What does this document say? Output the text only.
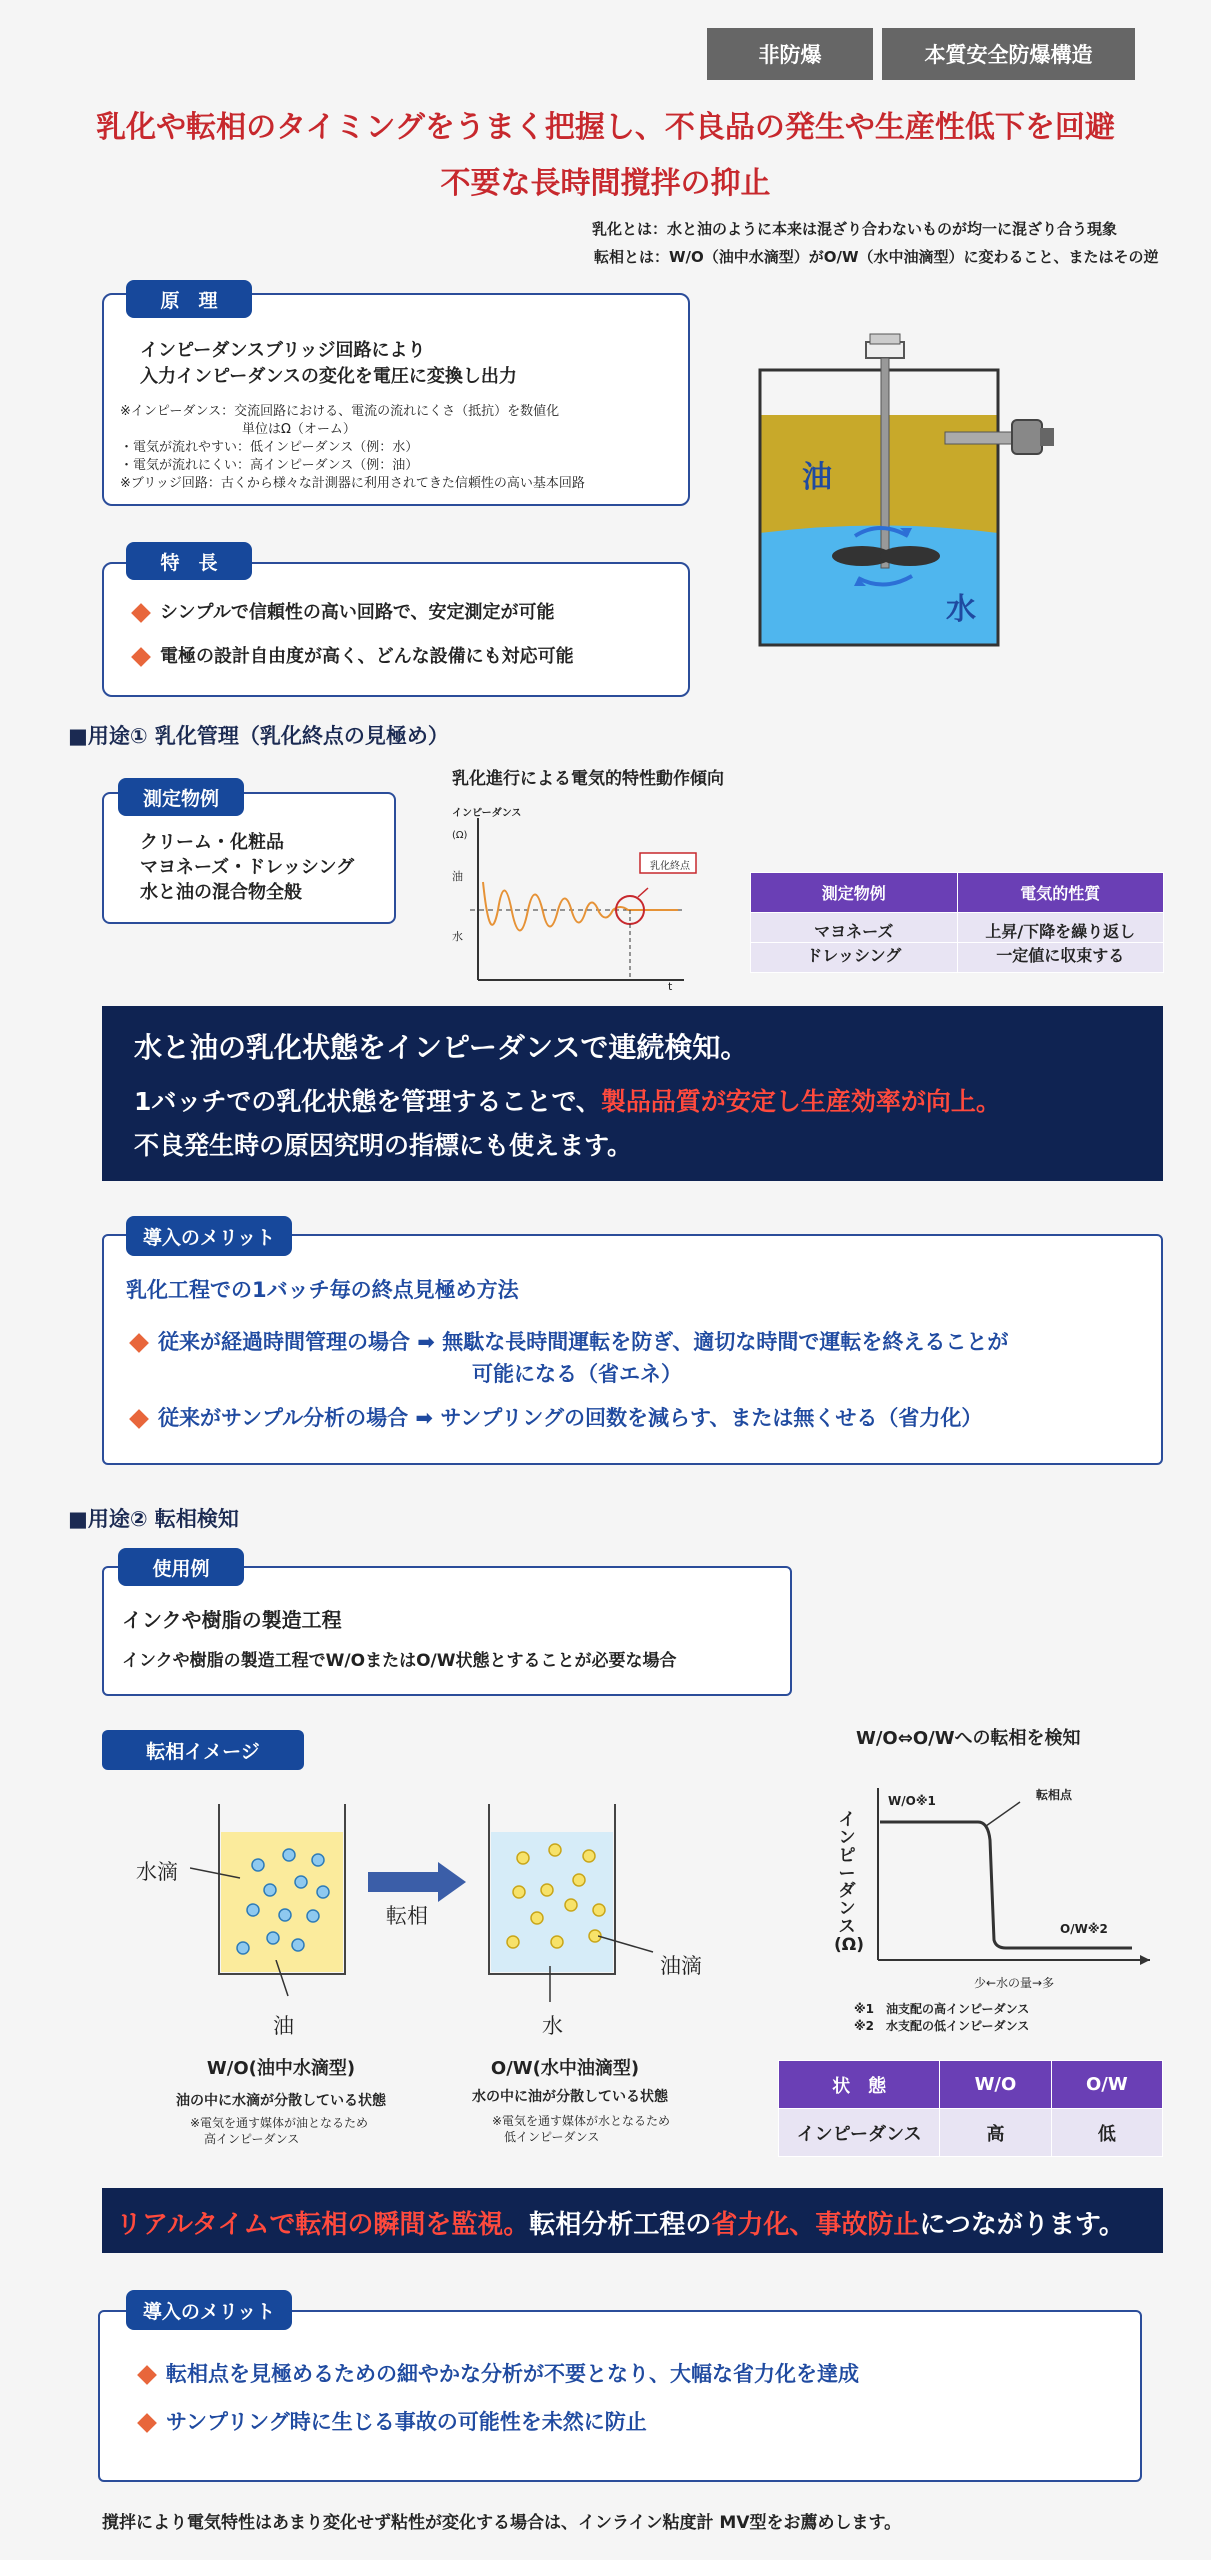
非防爆	本質安全防爆構造
乳化や転相のタイミングをうまく把握し、不良品の発生や生産性低下を回避
不要な長時間撹拌の抑止
乳化とは：水と油のように本来は混ざり合わないものが均一に混ざり合う現象
転相とは：W/O（油中水滴型）がO/W（水中油滴型）に変わること、またはその逆
原　理
インピーダンスブリッジ回路により
入力インピーダンスの変化を電圧に変換し出力
※インピーダンス：交流回路における、電流の流れにくさ（抵抗）を数値化
単位はΩ（オーム）
・電気が流れやすい：低インピーダンス（例：水）
・電気が流れにくい：高インピーダンス（例：油）
※ブリッジ回路：古くから様々な計測器に利用されてきた信頼性の高い基本回路
特　長
シンプルで信頼性の高い回路で、安定測定が可能
電極の設計自由度が高く、どんな設備にも対応可能
油
水
■用途① 乳化管理（乳化終点の見極め）
測定物例
クリーム・化粧品
マヨネーズ・ドレッシング
水と油の混合物全般
乳化進行による電気的特性動作傾向
インピーダンス
(Ω)
油
水
t
乳化終点
測定物例	電気的性質
マヨネーズ	上昇/下降を繰り返し
ドレッシング	一定値に収束する
水と油の乳化状態をインピーダンスで連続検知。
1バッチでの乳化状態を管理することで、製品品質が安定し生産効率が向上。
不良発生時の原因究明の指標にも使えます。
導入のメリット
乳化工程での1バッチ毎の終点見極め方法
従来が経過時間管理の場合 ➡ 無駄な長時間運転を防ぎ、適切な時間で運転を終えることが
可能になる（省エネ）
従来がサンプル分析の場合 ➡ サンプリングの回数を減らす、または無くせる（省力化）
■用途② 転相検知
使用例
インクや樹脂の製造工程
インクや樹脂の製造工程でW/OまたはO/W状態とすることが必要な場合
転相イメージ
水滴
油
転相
油滴
水
W/O(油中水滴型)
油の中に水滴が分散している状態
※電気を通す媒体が油となるため
高インピーダンス
O/W(水中油滴型)
水の中に油が分散している状態
※電気を通す媒体が水となるため
低インピーダンス
W/O⇔O/Wへの転相を検知
インピーダンス(Ω)
W/O※1
O/W※2
転相点
少←水の量→多
※1　油支配の高インピーダンス
※2　水支配の低インピーダンス
状　態	W/O	O/W
インピーダンス	高	低
リアルタイムで転相の瞬間を監視。転相分析工程の省力化、事故防止につながります。
導入のメリット
転相点を見極めるための細やかな分析が不要となり、大幅な省力化を達成
サンプリング時に生じる事故の可能性を未然に防止
撹拌により電気特性はあまり変化せず粘性が変化する場合は、インライン粘度計 MV型をお薦めします。
